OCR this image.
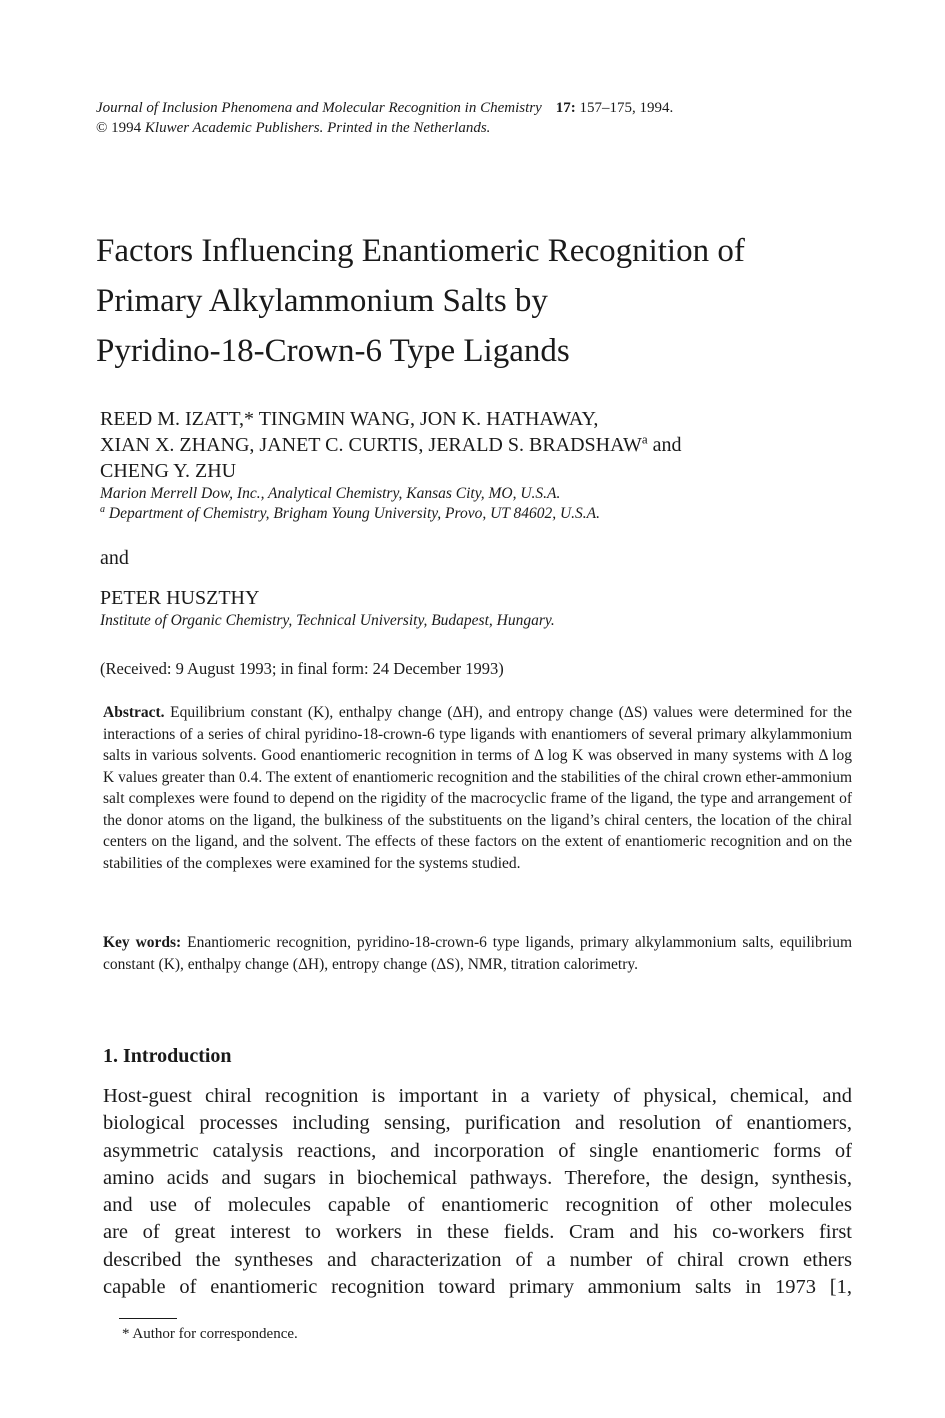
Journal of Inclusion Phenomena and Molecular Recognition in Chemistry 17: 157–175, 1994.
© 1994 Kluwer Academic Publishers. Printed in the Netherlands.
Factors Influencing Enantiomeric Recognition of
Primary Alkylammonium Salts by
Pyridino-18-Crown-6 Type Ligands
REED M. IZATT,* TINGMIN WANG, JON K. HATHAWAY,
XIAN X. ZHANG, JANET C. CURTIS, JERALD S. BRADSHAW$^a$ and
CHENG Y. ZHU
Marion Merrell Dow, Inc., Analytical Chemistry, Kansas City, MO, U.S.A.
$^a$ Department of Chemistry, Brigham Young University, Provo, UT 84602, U.S.A.
and
PETER HUSZTHY
Institute of Organic Chemistry, Technical University, Budapest, Hungary.
(Received: 9 August 1993; in final form: 24 December 1993)
Abstract. Equilibrium constant (K), enthalpy change (ΔH), and entropy change (ΔS) values were determined for the interactions of a series of chiral pyridino-18-crown-6 type ligands with enantiomers of several primary alkylammonium salts in various solvents. Good enantiomeric recognition in terms of Δ log K was observed in many systems with Δ log K values greater than 0.4. The extent of enantiomeric recognition and the stabilities of the chiral crown ether-ammonium salt complexes were found to depend on the rigidity of the macrocyclic frame of the ligand, the type and arrangement of the donor atoms on the ligand, the bulkiness of the substituents on the ligand’s chiral centers, the location of the chiral centers on the ligand, and the solvent. The effects of these factors on the extent of enantiomeric recognition and on the stabilities of the complexes were examined for the systems studied.
Key words: Enantiomeric recognition, pyridino-18-crown-6 type ligands, primary alkylammonium salts, equilibrium constant (K), enthalpy change (ΔH), entropy change (ΔS), NMR, titration calorimetry.
1. Introduction
Host-guest chiral recognition is important in a variety of physical, chemical, and
biological processes including sensing, purification and resolution of enantiomers,
asymmetric catalysis reactions, and incorporation of single enantiomeric forms of
amino acids and sugars in biochemical pathways. Therefore, the design, synthesis,
and use of molecules capable of enantiomeric recognition of other molecules
are of great interest to workers in these fields. Cram and his co-workers first
described the syntheses and characterization of a number of chiral crown ethers
capable of enantiomeric recognition toward primary ammonium salts in 1973 [1,
* Author for correspondence.
